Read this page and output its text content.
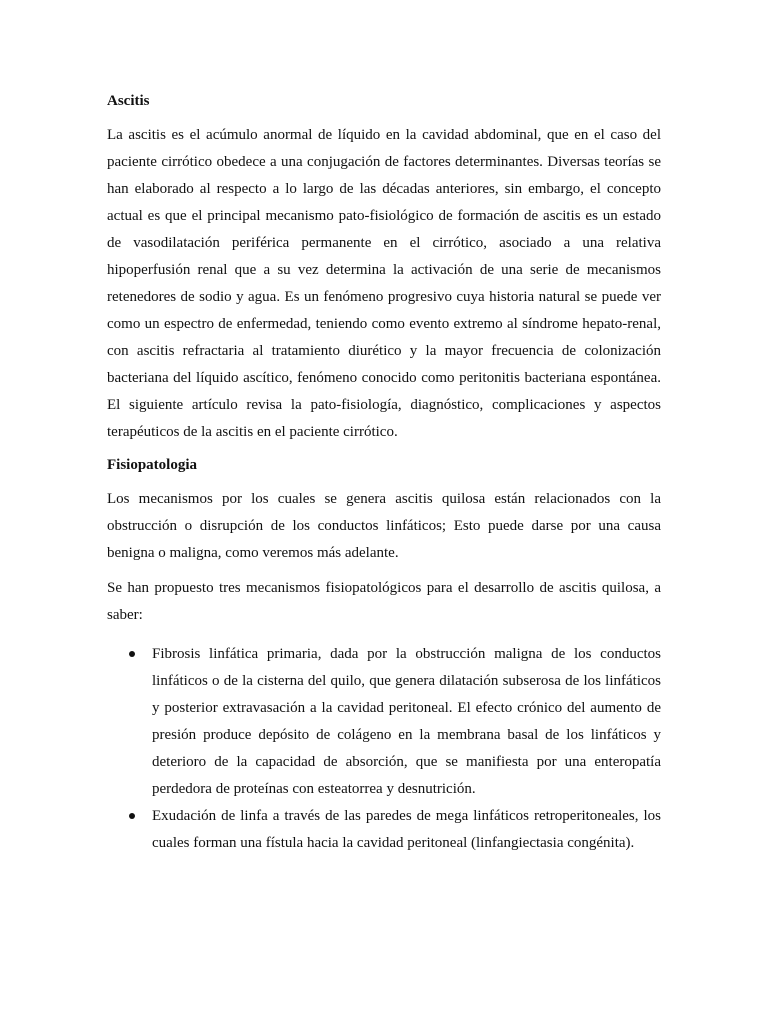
Ascitis

La ascitis es el acúmulo anormal de líquido en la cavidad abdominal, que en el caso del paciente cirrótico obedece a una conjugación de factores determinantes. Diversas teorías se han elaborado al respecto a lo largo de las décadas anteriores, sin embargo, el concepto actual es que el principal mecanismo pato-fisiológico de formación de ascitis es un estado de vasodilatación periférica permanente en el cirrótico, asociado a una relativa hipoperfusión renal que a su vez determina la activación de una serie de mecanismos retenedores de sodio y agua. Es un fenómeno progresivo cuya historia natural se puede ver como un espectro de enfermedad, teniendo como evento extremo al síndrome hepato-renal, con ascitis refractaria al tratamiento diurético y la mayor frecuencia de colonización bacteriana del líquido ascítico, fenómeno conocido como peritonitis bacteriana espontánea. El siguiente artículo revisa la pato-fisiología, diagnóstico, complicaciones y aspectos terapéuticos de la ascitis en el paciente cirrótico.

Fisiopatologia

Los mecanismos por los cuales se genera ascitis quilosa están relacionados con la obstrucción o disrupción de los conductos linfáticos; Esto puede darse por una causa benigna o maligna, como veremos más adelante.

Se han propuesto tres mecanismos fisiopatológicos para el desarrollo de ascitis quilosa, a saber:

Fibrosis linfática primaria, dada por la obstrucción maligna de los conductos linfáticos o de la cisterna del quilo, que genera dilatación subserosa de los linfáticos y posterior extravasación a la cavidad peritoneal. El efecto crónico del aumento de presión produce depósito de colágeno en la membrana basal de los linfáticos y deterioro de la capacidad de absorción, que se manifiesta por una enteropatía perdedora de proteínas con esteatorrea y desnutrición.
Exudación de linfa a través de las paredes de mega linfáticos retroperitoneales, los cuales forman una fístula hacia la cavidad peritoneal (linfangiectasia congénita).
